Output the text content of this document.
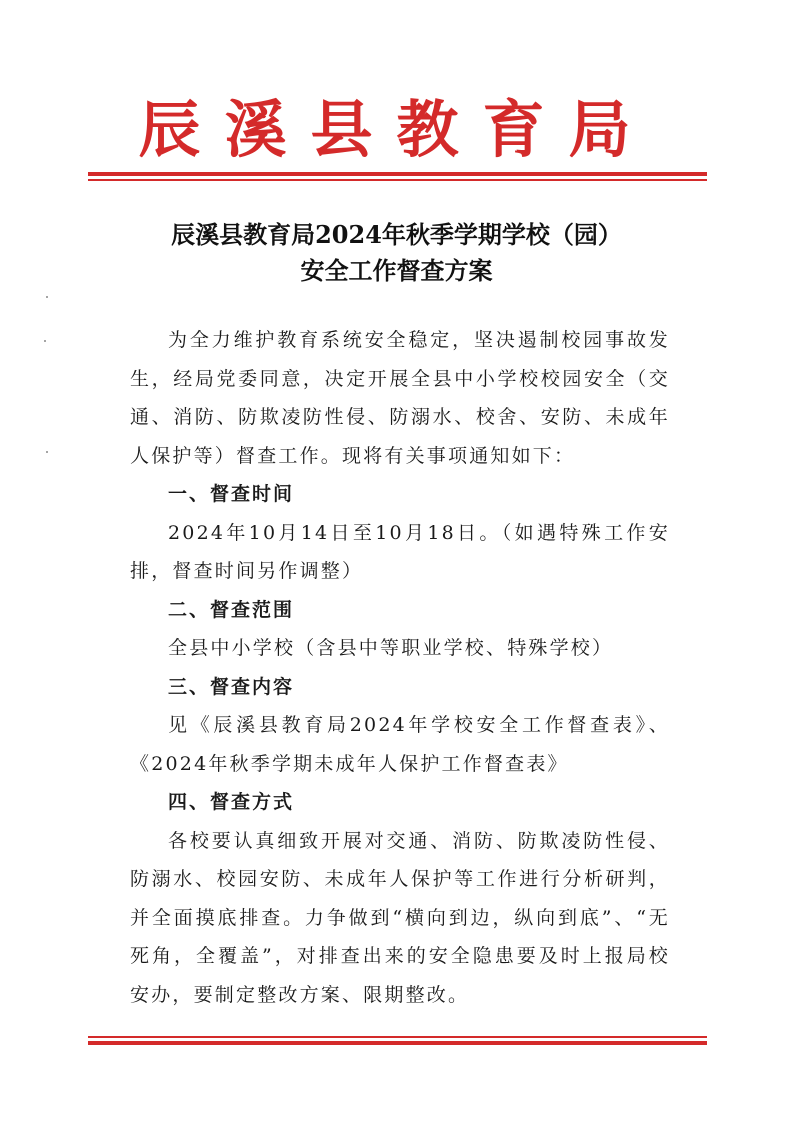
辰溪县教育局
辰溪县教育局2024年秋季学期学校（园）
安全工作督查方案

为全力维护教育系统安全稳定，坚决遏制校园事故发生，经局党委同意，决定开展全县中小学校校园安全（交通、消防、防欺凌防性侵、防溺水、校舍、安防、未成年人保护等）督查工作。现将有关事项通知如下：

一、督查时间

2024年10月14日至10月18日。（如遇特殊工作安排，督查时间另作调整）

二、督查范围

全县中小学校（含县中等职业学校、特殊学校）

三、督查内容

见《辰溪县教育局2024年学校安全工作督查表》、《2024年秋季学期未成年人保护工作督查表》

四、督查方式

各校要认真细致开展对交通、消防、防欺凌防性侵、防溺水、校园安防、未成年人保护等工作进行分析研判，并全面摸底排查。力争做到“横向到边，纵向到底”、“无死角，全覆盖”，对排查出来的安全隐患要及时上报局校安办，要制定整改方案、限期整改。
